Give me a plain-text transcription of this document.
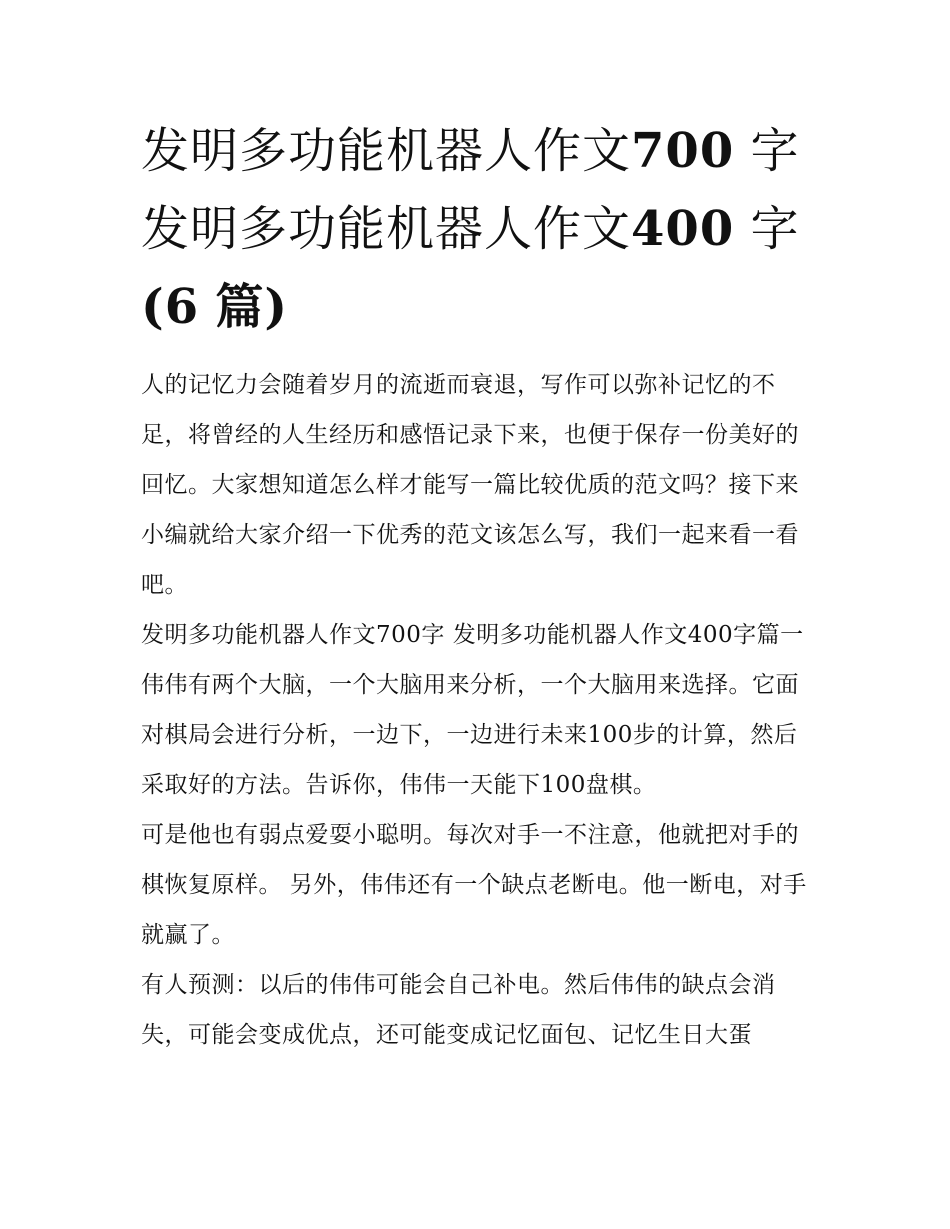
发明多功能机器人作文700 字
发明多功能机器人作文400 字
(6 篇)

人的记忆力会随着岁月的流逝而衰退，写作可以弥补记忆的不足，将曾经的人生经历和感悟记录下来，也便于保存一份美好的回忆。大家想知道怎么样才能写一篇比较优质的范文吗？接下来小编就给大家介绍一下优秀的范文该怎么写，我们一起来看一看吧。

发明多功能机器人作文700字 发明多功能机器人作文400字篇一

伟伟有两个大脑，一个大脑用来分析，一个大脑用来选择。它面对棋局会进行分析，一边下，一边进行未来100步的计算，然后采取好的方法。告诉你，伟伟一天能下100盘棋。

可是他也有弱点爱耍小聪明。每次对手一不注意，他就把对手的棋恢复原样。 另外，伟伟还有一个缺点老断电。他一断电，对手就赢了。

有人预测：以后的伟伟可能会自己补电。然后伟伟的缺点会消失，可能会变成优点，还可能变成记忆面包、记忆生日大蛋
